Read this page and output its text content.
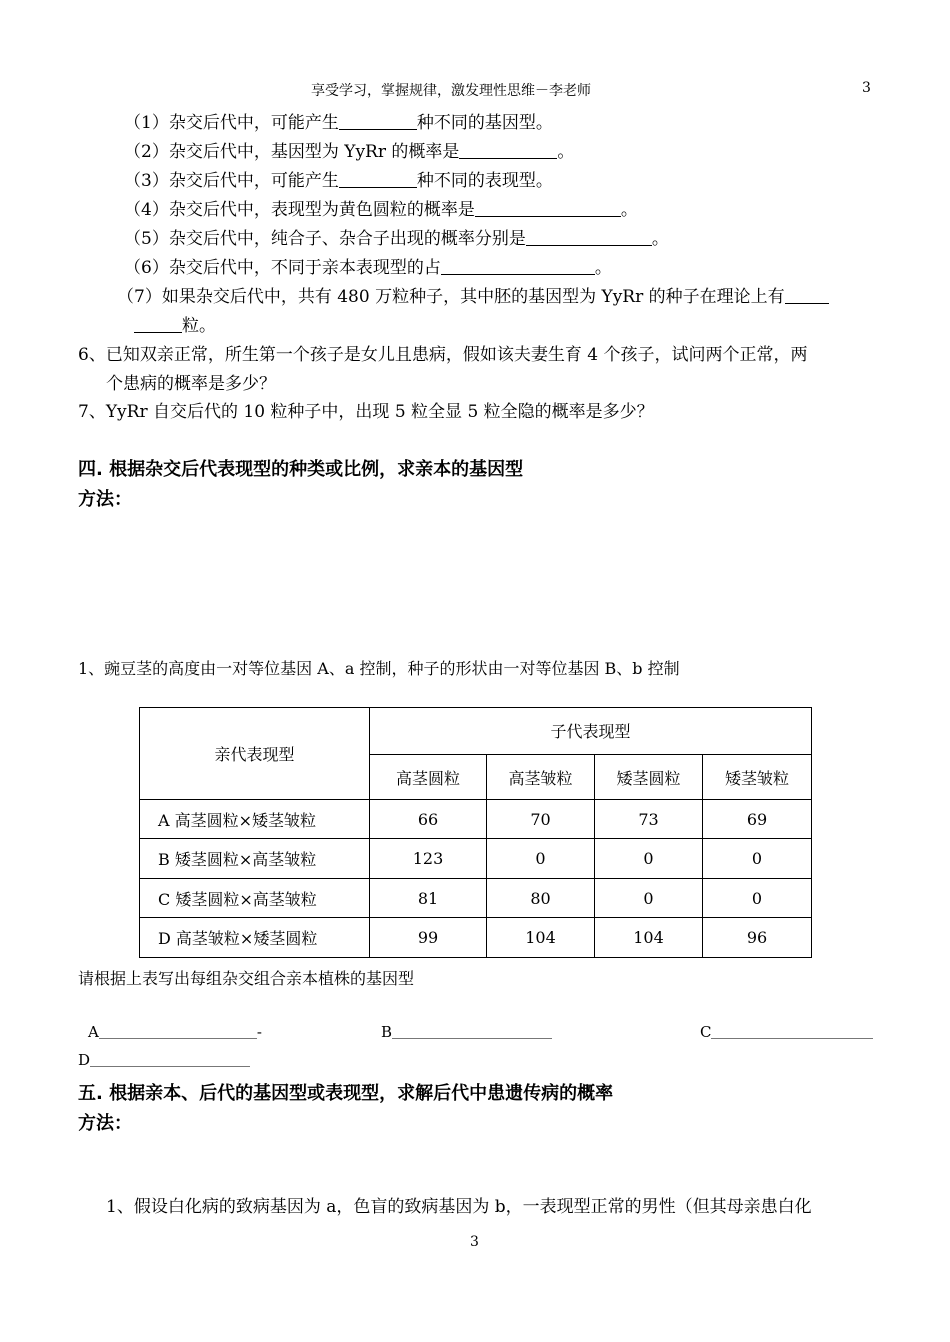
享受学习，掌握规律，激发理性思维－李老师	3
（1）杂交后代中，可能产生	种不同的基因型。
（2）杂交后代中，基因型为 YyRr 的概率是	。
（3）杂交后代中，可能产生	种不同的表现型。
（4）杂交后代中，表现型为黄色圆粒的概率是	。
（5）杂交后代中，纯合子、杂合子出现的概率分别是	。
（6）杂交后代中，不同于亲本表现型的占	。
（7）如果杂交后代中，共有 480 万粒种子，其中胚的基因型为 YyRr 的种子在理论上有
粒。
6、已知双亲正常，所生第一个孩子是女儿且患病，假如该夫妻生育 4 个孩子，试问两个正常，两
个患病的概率是多少？
7、YyRr 自交后代的 10 粒种子中，出现 5 粒全显 5 粒全隐的概率是多少？
四. 根据杂交后代表现型的种类或比例，求亲本的基因型
方法：
1、豌豆茎的高度由一对等位基因 A、a 控制，种子的形状由一对等位基因 B、b 控制
亲代表现型	子代表现型			
	高茎圆粒	高茎皱粒	矮茎圆粒	矮茎皱粒
A 高茎圆粒×矮茎皱粒	66	70	73	69
B 矮茎圆粒×高茎皱粒	123	0	0	0
C 矮茎圆粒×高茎皱粒	81	80	0	0
D 高茎皱粒×矮茎圆粒	99	104	104	96
请根据上表写出每组杂交组合亲本植株的基因型
A	-	B	C
D
五. 根据亲本、后代的基因型或表现型，求解后代中患遗传病的概率
方法：
1、假设白化病的致病基因为 a，色盲的致病基因为 b，一表现型正常的男性（但其母亲患白化
3
